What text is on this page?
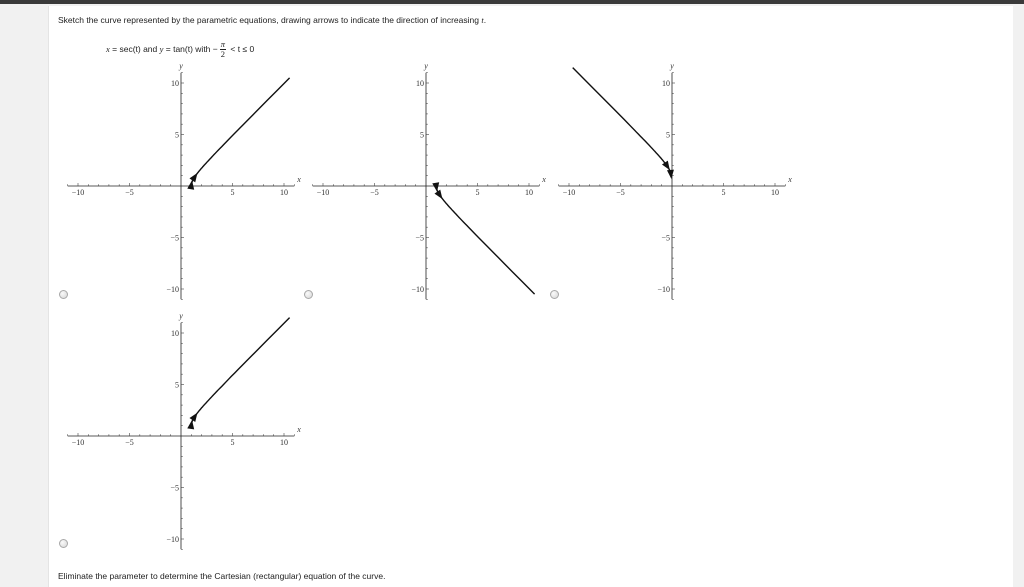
Sketch the curve represented by the parametric equations, drawing arrows to indicate the direction of increasing t.
x = sec(t) and y = tan(t) with − $\frac{\pi}{2} < t \le 0$
−10	−5	5	10
x
y
10
5
−5
−10
−10	−5	5	10
x
y
10
5
−5
−10
−10	−5	5	10
x
y
10
5
−5
−10
−10	−5	5	10
x
y
10
5
−5
−10
Eliminate the parameter to determine the Cartesian (rectangular) equation of the curve.
